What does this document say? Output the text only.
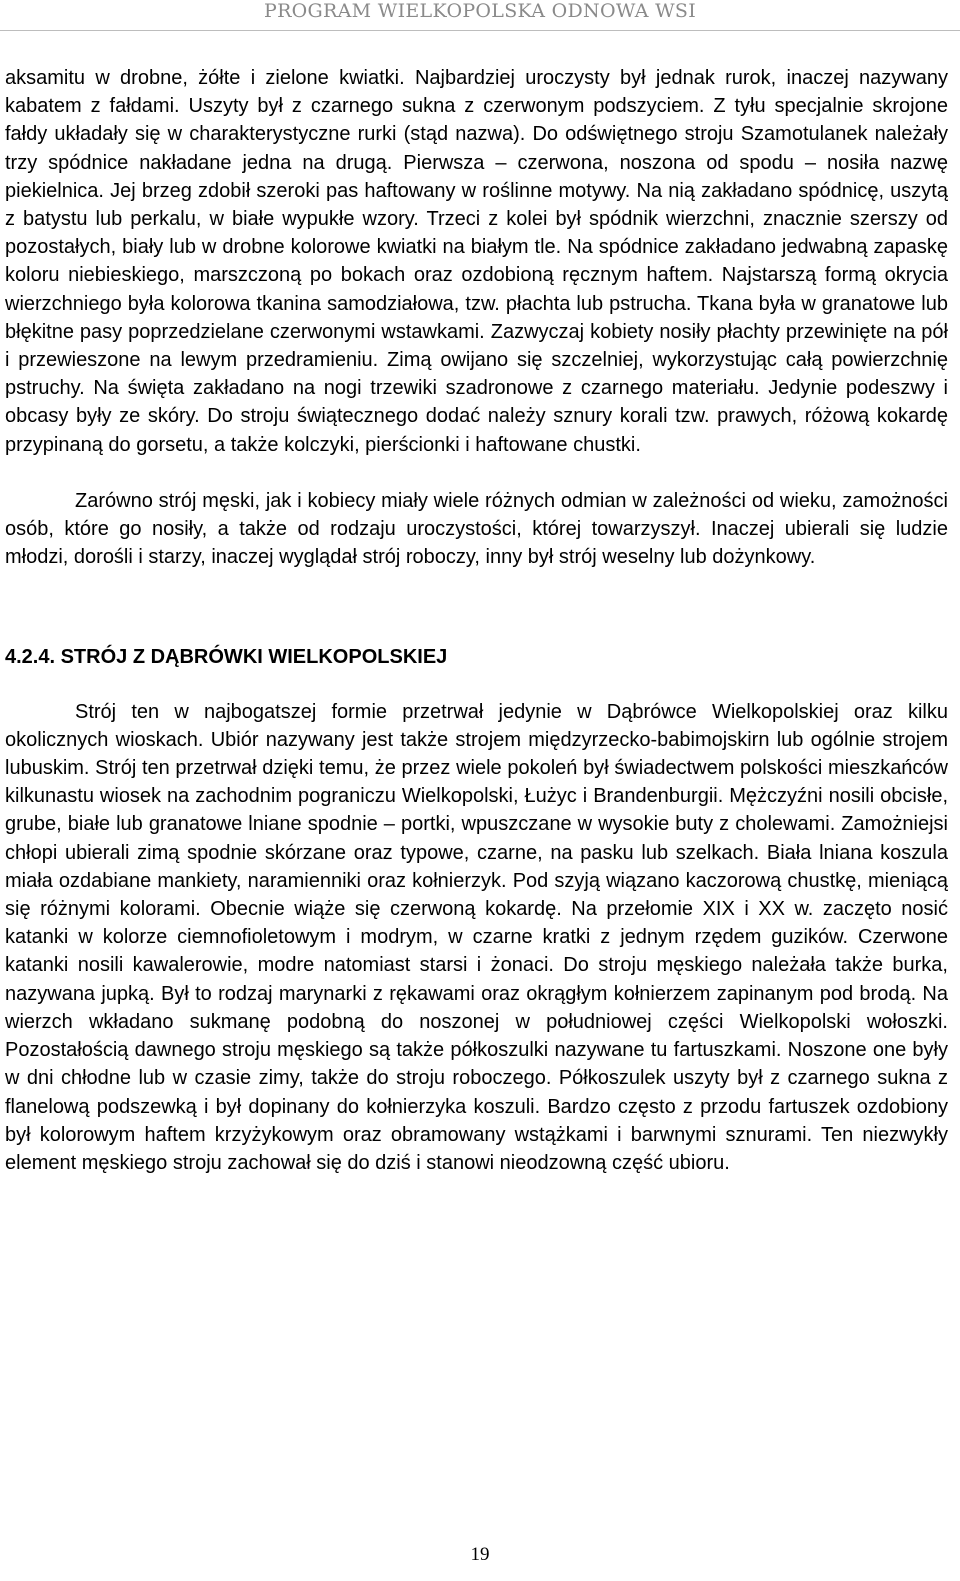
PROGRAM WIELKOPOLSKA ODNOWA WSI

aksamitu w drobne, żółte i zielone kwiatki. Najbardziej uroczysty był jednak rurok, inaczej nazywany kabatem z fałdami. Uszyty był z czarnego sukna z czerwonym podszyciem. Z tyłu specjalnie skrojone fałdy układały się w charakterystyczne rurki (stąd nazwa). Do odświętnego stroju Szamotulanek należały trzy spódnice nakładane jedna na drugą. Pierwsza – czerwona, noszona od spodu – nosiła nazwę piekielnica. Jej brzeg zdobił szeroki pas haftowany w roślinne motywy. Na nią zakładano spódnicę, uszytą z batystu lub perkalu, w białe wypukłe wzory. Trzeci z kolei był spódnik wierzchni, znacznie szerszy od pozostałych, biały lub w drobne kolorowe kwiatki na białym tle. Na spódnice zakładano jedwabną zapaskę koloru niebieskiego, marszczoną po bokach oraz ozdobioną ręcznym haftem. Najstarszą formą okrycia wierzchniego była kolorowa tkanina samodziałowa, tzw. płachta lub pstrucha. Tkana była w granatowe lub błękitne pasy poprzedzielane czerwonymi wstawkami. Zazwyczaj kobiety nosiły płachty przewinięte na pół i przewieszone na lewym przedramieniu. Zimą owijano się szczelniej, wykorzystując całą powierzchnię pstruchy. Na święta zakładano na nogi trzewiki szadronowe z czarnego materiału. Jedynie podeszwy i obcasy były ze skóry. Do stroju świątecznego dodać należy sznury korali tzw. prawych, różową kokardę przypinaną do gorsetu, a także kolczyki, pierścionki i haftowane chustki.

Zarówno strój męski, jak i kobiecy miały wiele różnych odmian w zależności od wieku, zamożności osób, które go nosiły, a także od rodzaju uroczystości, której towarzyszył. Inaczej ubierali się ludzie młodzi, dorośli i starzy, inaczej wyglądał strój roboczy, inny był strój weselny lub dożynkowy.

4.2.4. STRÓJ Z DĄBRÓWKI WIELKOPOLSKIEJ

Strój ten w najbogatszej formie przetrwał jedynie w Dąbrówce Wielkopolskiej oraz kilku okolicznych wioskach. Ubiór nazywany jest także strojem międzyrzecko-babimojskirn lub ogólnie strojem lubuskim. Strój ten przetrwał dzięki temu, że przez wiele pokoleń był świadectwem polskości mieszkańców kilkunastu wiosek na zachodnim pograniczu Wielkopolski, Łużyc i Brandenburgii. Mężczyźni nosili obcisłe, grube, białe lub granatowe lniane spodnie – portki, wpuszczane w wysokie buty z cholewami. Zamożniejsi chłopi ubierali zimą spodnie skórzane oraz typowe, czarne, na pasku lub szelkach. Biała lniana koszula miała ozdabiane mankiety, naramienniki oraz kołnierzyk. Pod szyją wiązano kaczorową chustkę, mieniącą się różnymi kolorami. Obecnie wiąże się czerwoną kokardę. Na przełomie XIX i XX w. zaczęto nosić katanki w kolorze ciemnofioletowym i modrym, w czarne kratki z jednym rzędem guzików. Czerwone katanki nosili kawalerowie, modre natomiast starsi i żonaci. Do stroju męskiego należała także burka, nazywana jupką. Był to rodzaj marynarki z rękawami oraz okrągłym kołnierzem zapinanym pod brodą. Na wierzch wkładano sukmanę podobną do noszonej w południowej części Wielkopolski wołoszki. Pozostałością dawnego stroju męskiego są także półkoszulki nazywane tu fartuszkami. Noszone one były w dni chłodne lub w czasie zimy, także do stroju roboczego. Półkoszulek uszyty był z czarnego sukna z flanelową podszewką i był dopinany do kołnierzyka koszuli. Bardzo często z przodu fartuszek ozdobiony był kolorowym haftem krzyżykowym oraz obramowany wstążkami i barwnymi sznurami. Ten niezwykły element męskiego stroju zachował się do dziś i stanowi nieodzowną część ubioru.

19
